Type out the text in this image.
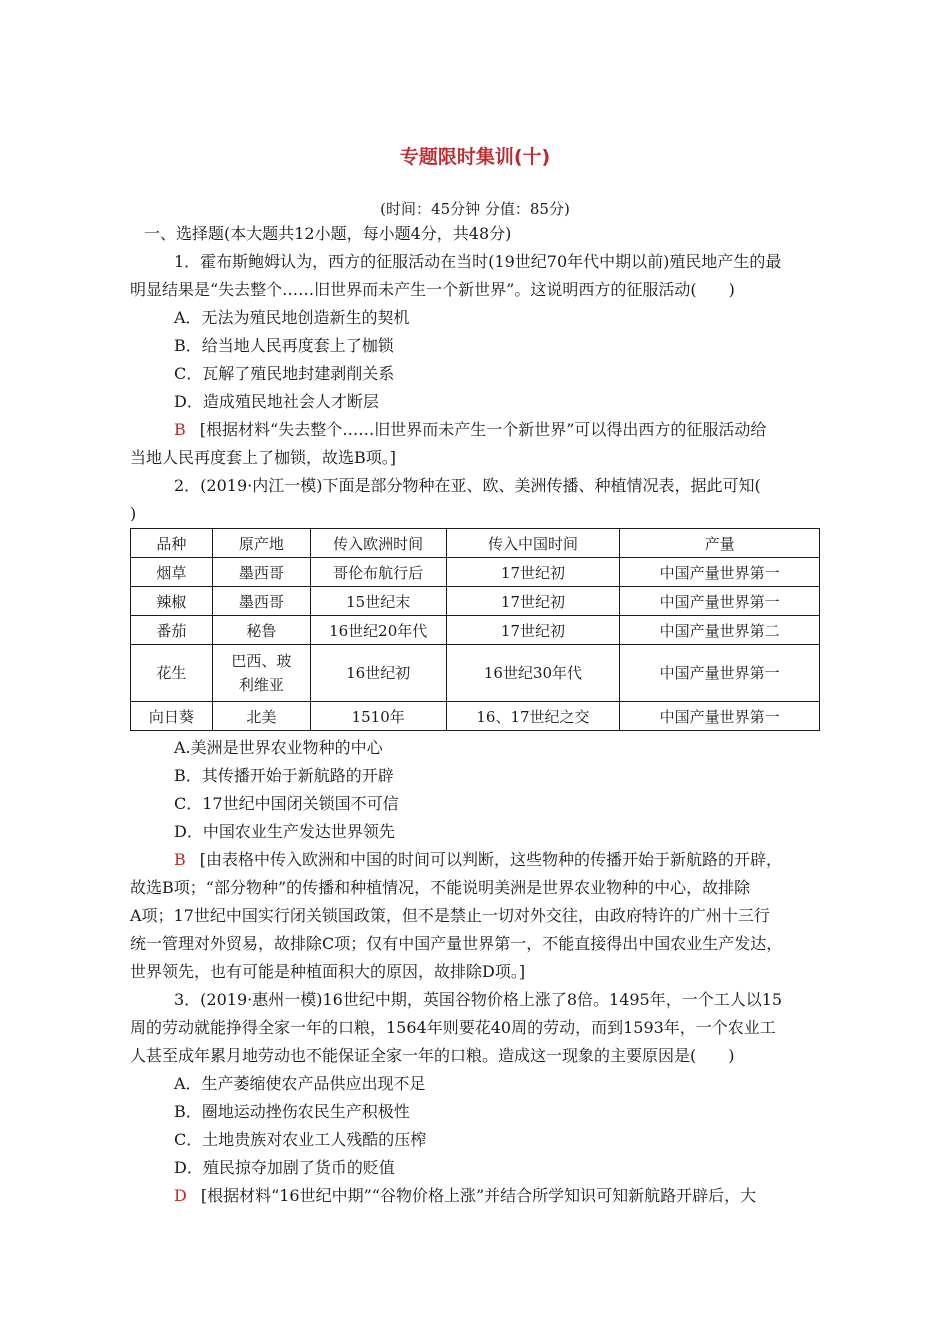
专题限时集训(十)
(时间：45分钟 分值：85分)
一、选择题(本大题共12小题，每小题4分，共48分)
1．霍布斯鲍姆认为，西方的征服活动在当时(19世纪70年代中期以前)殖民地产生的最
明显结果是“失去整个……旧世界而未产生一个新世界”。这说明西方的征服活动(　　)
A．无法为殖民地创造新生的契机
B．给当地人民再度套上了枷锁
C．瓦解了殖民地封建剥削关系
D．造成殖民地社会人才断层
B [根据材料“失去整个……旧世界而未产生一个新世界”可以得出西方的征服活动给
当地人民再度套上了枷锁，故选B项。]
2．(2019·内江一模)下面是部分物种在亚、欧、美洲传播、种植情况表，据此可知(
)
品种	原产地	传入欧洲时间	传入中国时间	产量
烟草	墨西哥	哥伦布航行后	17世纪初	中国产量世界第一
辣椒	墨西哥	15世纪末	17世纪初	中国产量世界第一
番茄	秘鲁	16世纪20年代	17世纪初	中国产量世界第二
花生	巴西、玻利维亚	16世纪初	16世纪30年代	中国产量世界第一
向日葵	北美	1510年	16、17世纪之交	中国产量世界第一
A.美洲是世界农业物种的中心
B．其传播开始于新航路的开辟
C．17世纪中国闭关锁国不可信
D．中国农业生产发达世界领先
B [由表格中传入欧洲和中国的时间可以判断，这些物种的传播开始于新航路的开辟，
故选B项；“部分物种”的传播和种植情况，不能说明美洲是世界农业物种的中心，故排除
A项；17世纪中国实行闭关锁国政策，但不是禁止一切对外交往，由政府特许的广州十三行
统一管理对外贸易，故排除C项；仅有中国产量世界第一，不能直接得出中国农业生产发达，
世界领先，也有可能是种植面积大的原因，故排除D项。]
3．(2019·惠州一模)16世纪中期，英国谷物价格上涨了8倍。1495年，一个工人以15
周的劳动就能挣得全家一年的口粮，1564年则要花40周的劳动，而到1593年，一个农业工
人甚至成年累月地劳动也不能保证全家一年的口粮。造成这一现象的主要原因是(　　)
A．生产萎缩使农产品供应出现不足
B．圈地运动挫伤农民生产积极性
C．土地贵族对农业工人残酷的压榨
D．殖民掠夺加剧了货币的贬值
D [根据材料“16世纪中期”“谷物价格上涨”并结合所学知识可知新航路开辟后，大
